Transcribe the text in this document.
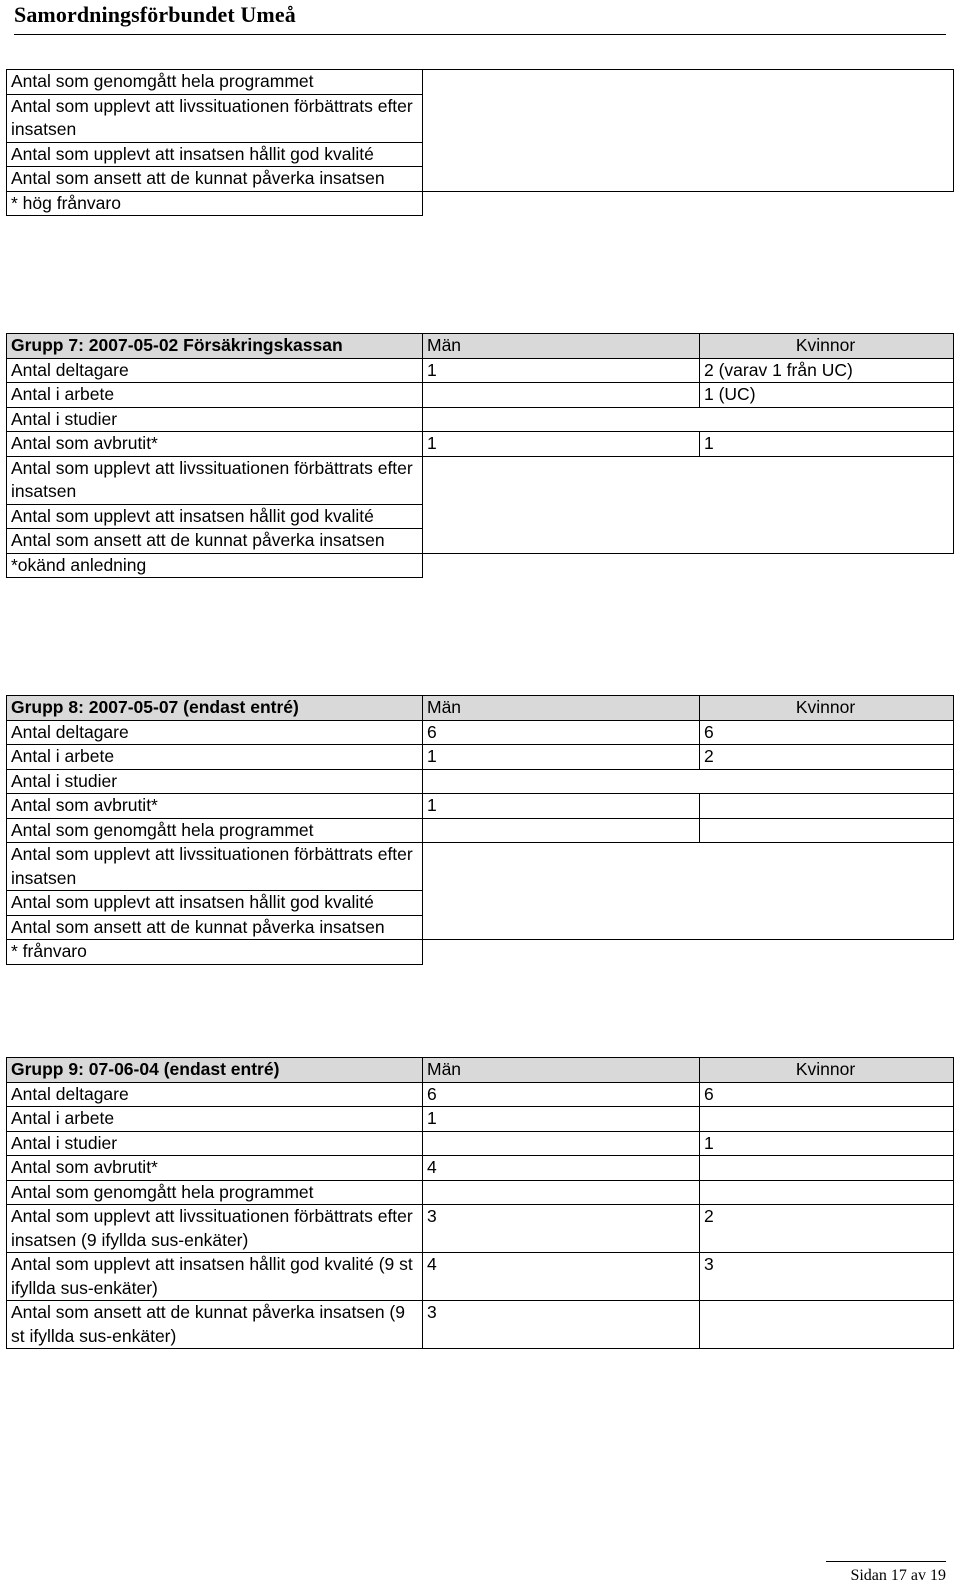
Samordningsförbundet Umeå
Antal som genomgått hela programmet		
Antal som upplevt att livssituationen förbättrats efter insatsen		
Antal som upplevt att insatsen hållit god kvalité		
Antal som ansett att de kunnat påverka insatsen		
* hög frånvaro		
Grupp 7: 2007-05-02 Försäkringskassan	Män	Kvinnor
Antal deltagare	1	2 (varav 1 från UC)
Antal i arbete		1 (UC)
Antal i studier		
Antal som avbrutit*	1	1
Antal som upplevt att livssituationen förbättrats efter insatsen		
Antal som upplevt att insatsen hållit god kvalité		
Antal som ansett att de kunnat påverka insatsen		
*okänd anledning		
Grupp 8: 2007-05-07 (endast entré)	Män	Kvinnor
Antal deltagare	6	6
Antal i arbete	1	2
Antal i studier		
Antal som avbrutit*	1	
Antal som genomgått hela programmet		
Antal som upplevt att livssituationen förbättrats efter insatsen		
Antal som upplevt att insatsen hållit god kvalité		
Antal som ansett att de kunnat påverka insatsen		
* frånvaro		
Grupp 9: 07-06-04 (endast entré)	Män	Kvinnor
Antal deltagare	6	6
Antal i arbete	1	
Antal i studier		1
Antal som avbrutit*	4	
Antal som genomgått hela programmet		
Antal som upplevt att livssituationen förbättrats efter insatsen (9 ifyllda sus-enkäter)	3	2
Antal som upplevt att insatsen hållit god kvalité (9 st ifyllda sus-enkäter)	4	3
Antal som ansett att de kunnat påverka insatsen (9 st ifyllda sus-enkäter)	3	
Sidan 17 av 19
